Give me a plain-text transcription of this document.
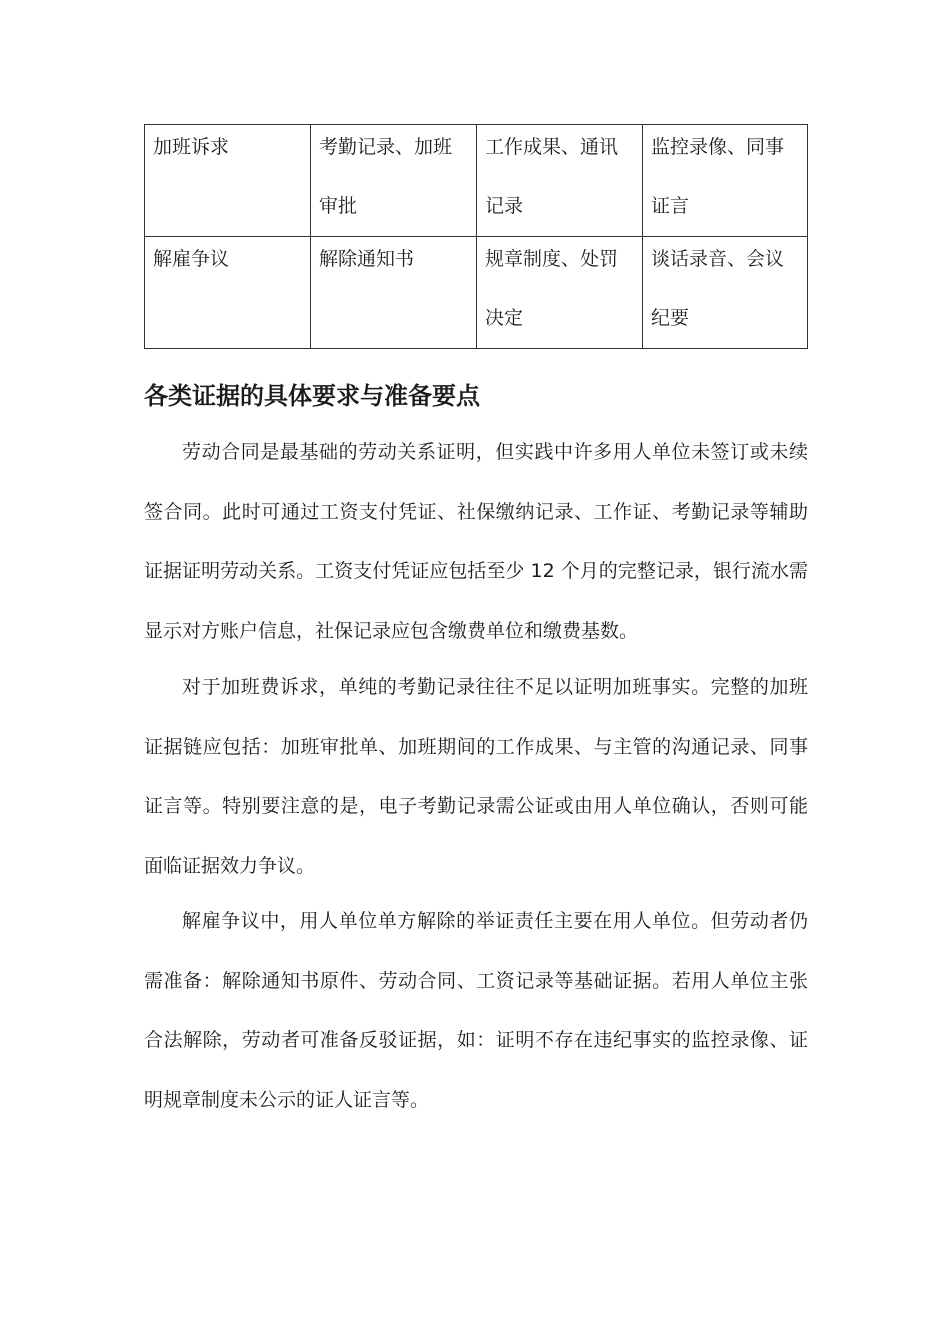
加班诉求	考勤记录、加班审批	工作成果、通讯记录	监控录像、同事证言

解雇争议	解除通知书	规章制度、处罚决定	谈话录音、会议纪要
各类证据的具体要求与准备要点

劳动合同是最基础的劳动关系证明，但实践中许多用人单位未签订或未续签合同。此时可通过工资支付凭证、社保缴纳记录、工作证、考勤记录等辅助证据证明劳动关系。工资支付凭证应包括至少 12 个月的完整记录，银行流水需显示对方账户信息，社保记录应包含缴费单位和缴费基数。

对于加班费诉求，单纯的考勤记录往往不足以证明加班事实。完整的加班证据链应包括：加班审批单、加班期间的工作成果、与主管的沟通记录、同事证言等。特别要注意的是，电子考勤记录需公证或由用人单位确认，否则可能面临证据效力争议。

解雇争议中，用人单位单方解除的举证责任主要在用人单位。但劳动者仍需准备：解除通知书原件、劳动合同、工资记录等基础证据。若用人单位主张合法解除，劳动者可准备反驳证据，如：证明不存在违纪事实的监控录像、证明规章制度未公示的证人证言等。
